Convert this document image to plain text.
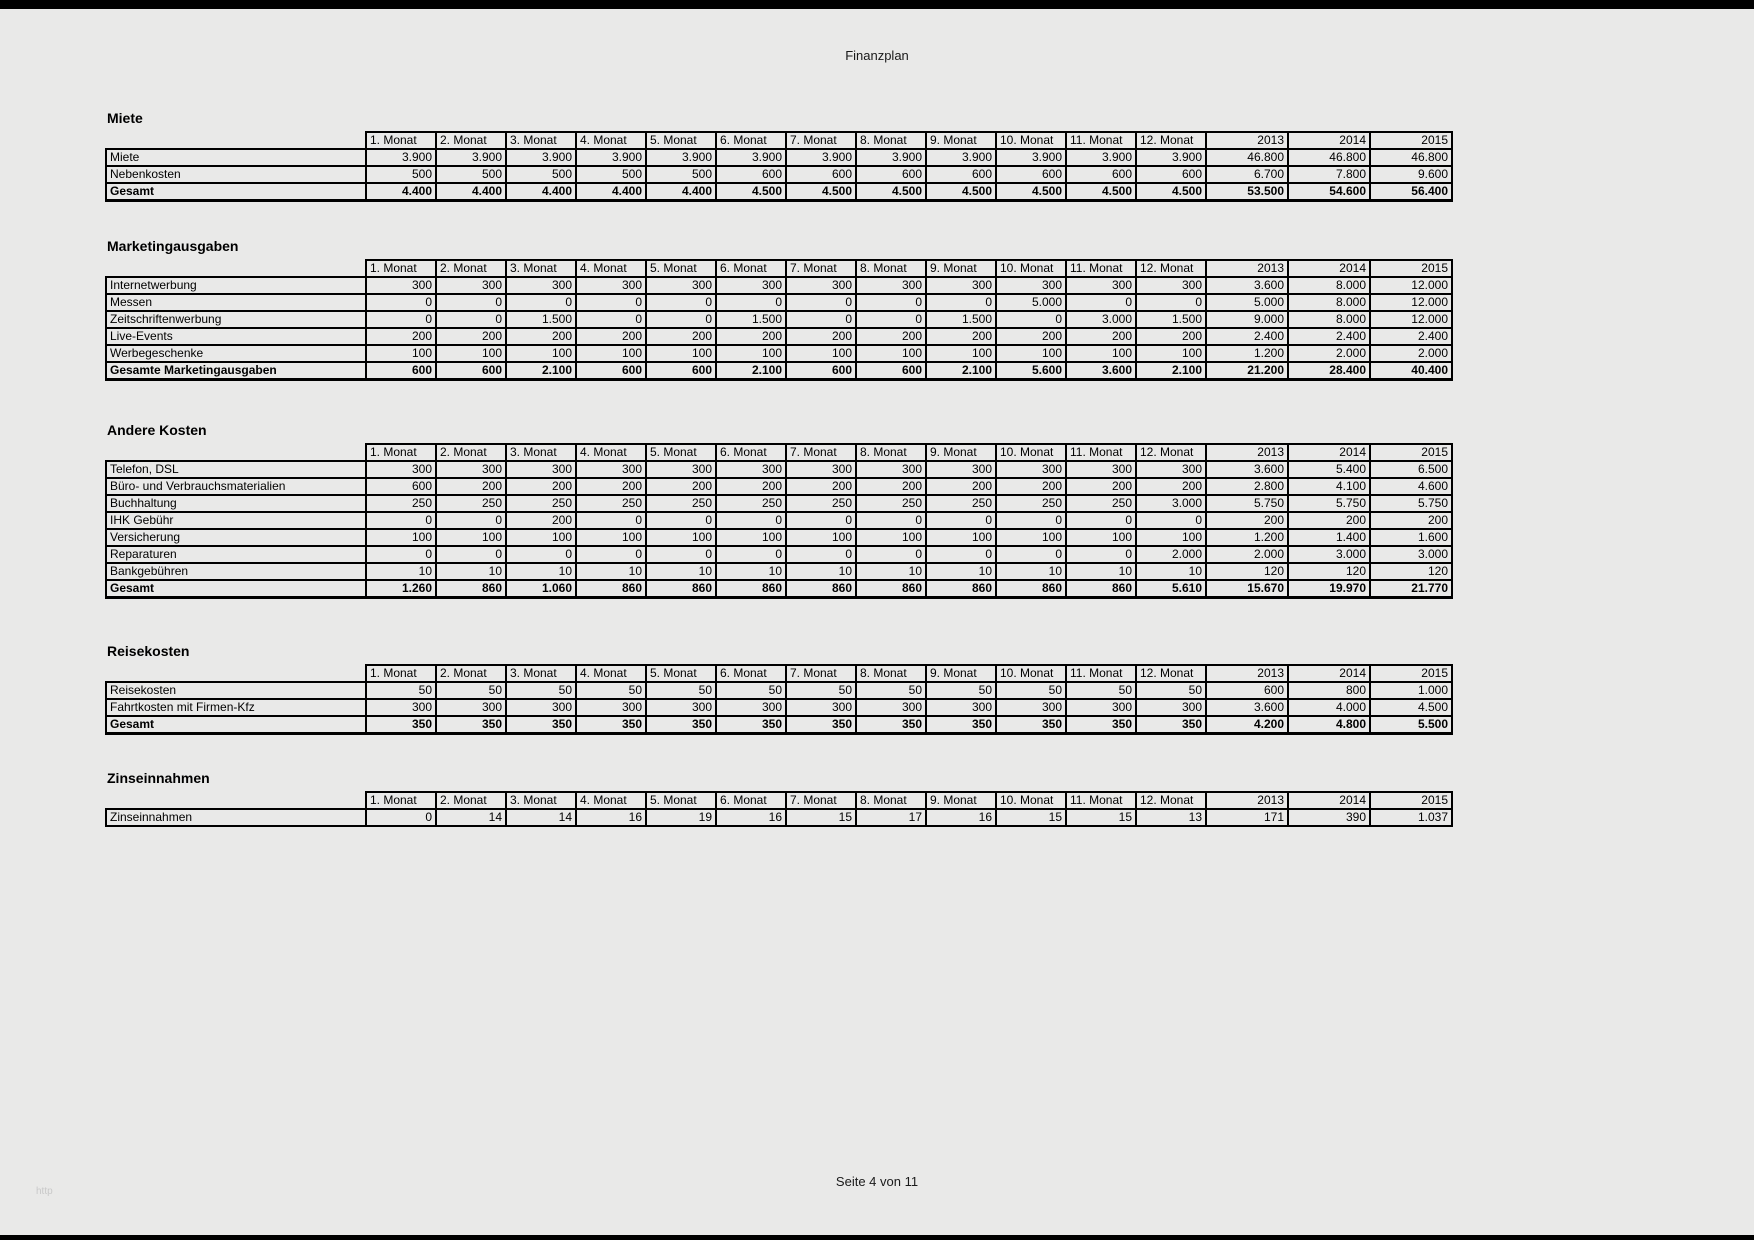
Finanzplan
Miete
	1. Monat	2. Monat	3. Monat	4. Monat	5. Monat	6. Monat	7. Monat	8. Monat	9. Monat	10. Monat	11. Monat	12. Monat	2013	2014	2015
Miete	3.900	3.900	3.900	3.900	3.900	3.900	3.900	3.900	3.900	3.900	3.900	3.900	46.800	46.800	46.800
Nebenkosten	500	500	500	500	500	600	600	600	600	600	600	600	6.700	7.800	9.600
Gesamt	4.400	4.400	4.400	4.400	4.400	4.500	4.500	4.500	4.500	4.500	4.500	4.500	53.500	54.600	56.400
Marketingausgaben
	1. Monat	2. Monat	3. Monat	4. Monat	5. Monat	6. Monat	7. Monat	8. Monat	9. Monat	10. Monat	11. Monat	12. Monat	2013	2014	2015
Internetwerbung	300	300	300	300	300	300	300	300	300	300	300	300	3.600	8.000	12.000
Messen	0	0	0	0	0	0	0	0	0	5.000	0	0	5.000	8.000	12.000
Zeitschriftenwerbung	0	0	1.500	0	0	1.500	0	0	1.500	0	3.000	1.500	9.000	8.000	12.000
Live-Events	200	200	200	200	200	200	200	200	200	200	200	200	2.400	2.400	2.400
Werbegeschenke	100	100	100	100	100	100	100	100	100	100	100	100	1.200	2.000	2.000
Gesamte Marketingausgaben	600	600	2.100	600	600	2.100	600	600	2.100	5.600	3.600	2.100	21.200	28.400	40.400
Andere Kosten
	1. Monat	2. Monat	3. Monat	4. Monat	5. Monat	6. Monat	7. Monat	8. Monat	9. Monat	10. Monat	11. Monat	12. Monat	2013	2014	2015
Telefon, DSL	300	300	300	300	300	300	300	300	300	300	300	300	3.600	5.400	6.500
Büro- und Verbrauchsmaterialien	600	200	200	200	200	200	200	200	200	200	200	200	2.800	4.100	4.600
Buchhaltung	250	250	250	250	250	250	250	250	250	250	250	3.000	5.750	5.750	5.750
IHK Gebühr	0	0	200	0	0	0	0	0	0	0	0	0	200	200	200
Versicherung	100	100	100	100	100	100	100	100	100	100	100	100	1.200	1.400	1.600
Reparaturen	0	0	0	0	0	0	0	0	0	0	0	2.000	2.000	3.000	3.000
Bankgebühren	10	10	10	10	10	10	10	10	10	10	10	10	120	120	120
Gesamt	1.260	860	1.060	860	860	860	860	860	860	860	860	5.610	15.670	19.970	21.770
Reisekosten
	1. Monat	2. Monat	3. Monat	4. Monat	5. Monat	6. Monat	7. Monat	8. Monat	9. Monat	10. Monat	11. Monat	12. Monat	2013	2014	2015
Reisekosten	50	50	50	50	50	50	50	50	50	50	50	50	600	800	1.000
Fahrtkosten mit Firmen-Kfz	300	300	300	300	300	300	300	300	300	300	300	300	3.600	4.000	4.500
Gesamt	350	350	350	350	350	350	350	350	350	350	350	350	4.200	4.800	5.500
Zinseinnahmen
	1. Monat	2. Monat	3. Monat	4. Monat	5. Monat	6. Monat	7. Monat	8. Monat	9. Monat	10. Monat	11. Monat	12. Monat	2013	2014	2015
Zinseinnahmen	0	14	14	16	19	16	15	17	16	15	15	13	171	390	1.037
http
Seite 4 von 11
